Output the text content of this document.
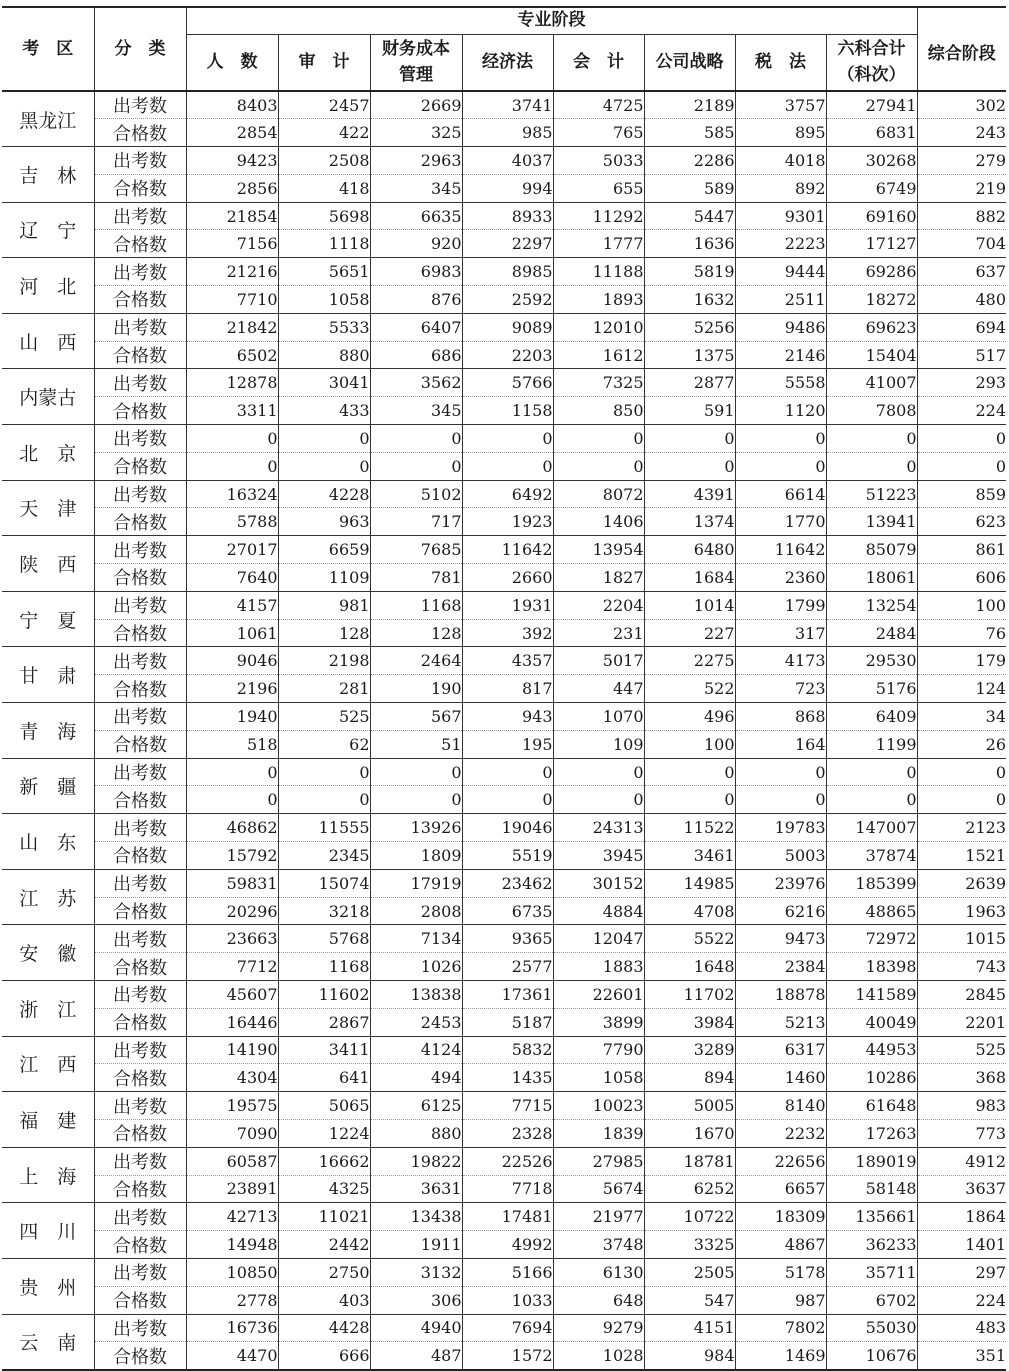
考　区	分　类	专业阶段								综合阶段
		人　数	审　计	财务成本管理	经济法	会　计	公司战略	税　法	六科合计（科次）	
黑龙江	出考数	8403	2457	2669	3741	4725	2189	3757	27941	302
	合格数	2854	422	325	985	765	585	895	6831	243
吉　林	出考数	9423	2508	2963	4037	5033	2286	4018	30268	279
	合格数	2856	418	345	994	655	589	892	6749	219
辽　宁	出考数	21854	5698	6635	8933	11292	5447	9301	69160	882
	合格数	7156	1118	920	2297	1777	1636	2223	17127	704
河　北	出考数	21216	5651	6983	8985	11188	5819	9444	69286	637
	合格数	7710	1058	876	2592	1893	1632	2511	18272	480
山　西	出考数	21842	5533	6407	9089	12010	5256	9486	69623	694
	合格数	6502	880	686	2203	1612	1375	2146	15404	517
内蒙古	出考数	12878	3041	3562	5766	7325	2877	5558	41007	293
	合格数	3311	433	345	1158	850	591	1120	7808	224
北　京	出考数	0	0	0	0	0	0	0	0	0
	合格数	0	0	0	0	0	0	0	0	0
天　津	出考数	16324	4228	5102	6492	8072	4391	6614	51223	859
	合格数	5788	963	717	1923	1406	1374	1770	13941	623
陕　西	出考数	27017	6659	7685	11642	13954	6480	11642	85079	861
	合格数	7640	1109	781	2660	1827	1684	2360	18061	606
宁　夏	出考数	4157	981	1168	1931	2204	1014	1799	13254	100
	合格数	1061	128	128	392	231	227	317	2484	76
甘　肃	出考数	9046	2198	2464	4357	5017	2275	4173	29530	179
	合格数	2196	281	190	817	447	522	723	5176	124
青　海	出考数	1940	525	567	943	1070	496	868	6409	34
	合格数	518	62	51	195	109	100	164	1199	26
新　疆	出考数	0	0	0	0	0	0	0	0	0
	合格数	0	0	0	0	0	0	0	0	0
山　东	出考数	46862	11555	13926	19046	24313	11522	19783	147007	2123
	合格数	15792	2345	1809	5519	3945	3461	5003	37874	1521
江　苏	出考数	59831	15074	17919	23462	30152	14985	23976	185399	2639
	合格数	20296	3218	2808	6735	4884	4708	6216	48865	1963
安　徽	出考数	23663	5768	7134	9365	12047	5522	9473	72972	1015
	合格数	7712	1168	1026	2577	1883	1648	2384	18398	743
浙　江	出考数	45607	11602	13838	17361	22601	11702	18878	141589	2845
	合格数	16446	2867	2453	5187	3899	3984	5213	40049	2201
江　西	出考数	14190	3411	4124	5832	7790	3289	6317	44953	525
	合格数	4304	641	494	1435	1058	894	1460	10286	368
福　建	出考数	19575	5065	6125	7715	10023	5005	8140	61648	983
	合格数	7090	1224	880	2328	1839	1670	2232	17263	773
上　海	出考数	60587	16662	19822	22526	27985	18781	22656	189019	4912
	合格数	23891	4325	3631	7718	5674	6252	6657	58148	3637
四　川	出考数	42713	11021	13438	17481	21977	10722	18309	135661	1864
	合格数	14948	2442	1911	4992	3748	3325	4867	36233	1401
贵　州	出考数	10850	2750	3132	5166	6130	2505	5178	35711	297
	合格数	2778	403	306	1033	648	547	987	6702	224
云　南	出考数	16736	4428	4940	7694	9279	4151	7802	55030	483
	合格数	4470	666	487	1572	1028	984	1469	10676	351
